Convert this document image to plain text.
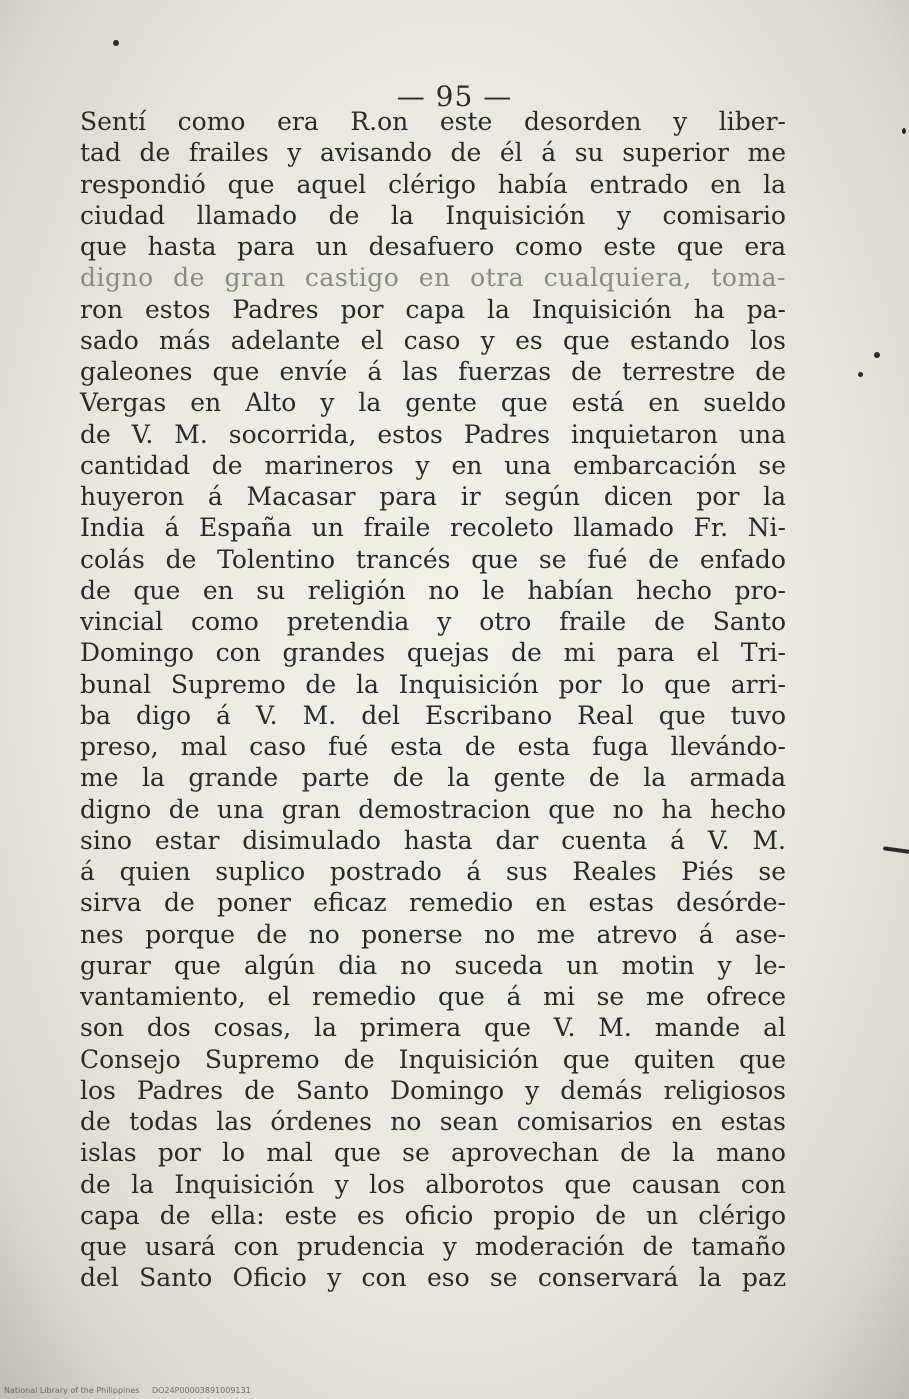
— 95 —
Sentí como era R.on este desorden y liber-
tad de frailes y avisando de él á su superior me
respondió que aquel clérigo había entrado en la
ciudad llamado de la Inquisición y comisario
que hasta para un desafuero como este que era
digno de gran castigo en otra cualquiera, toma-
ron estos Padres por capa la Inquisición ha pa-
sado más adelante el caso y es que estando los
galeones que envíe á las fuerzas de terrestre de
Vergas en Alto y la gente que está en sueldo
de V. M. socorrida, estos Padres inquietaron una
cantidad de marineros y en una embarcación se
huyeron á Macasar para ir según dicen por la
India á España un fraile recoleto llamado Fr. Ni-
colás de Tolentino trancés que se fué de enfado
de que en su religión no le habían hecho pro-
vincial como pretendia y otro fraile de Santo
Domingo con grandes quejas de mi para el Tri-
bunal Supremo de la Inquisición por lo que arri-
ba digo á V. M. del Escribano Real que tuvo
preso, mal caso fué esta de esta fuga llevándo-
me la grande parte de la gente de la armada
digno de una gran demostracion que no ha hecho
sino estar disimulado hasta dar cuenta á V. M.
á quien suplico postrado á sus Reales Piés se
sirva de poner eficaz remedio en estas desórde-
nes porque de no ponerse no me atrevo á ase-
gurar que algún dia no suceda un motin y le-
vantamiento, el remedio que á mi se me ofrece
son dos cosas, la primera que V. M. mande al
Consejo Supremo de Inquisición que quiten que
los Padres de Santo Domingo y demás religiosos
de todas las órdenes no sean comisarios en estas
islas por lo mal que se aprovechan de la mano
de la Inquisición y los alborotos que causan con
capa de ella: este es oficio propio de un clérigo
que usará con prudencia y moderación de tamaño
del Santo Oficio y con eso se conservará la paz
National Library of the Philippines DO24P00003891009131
